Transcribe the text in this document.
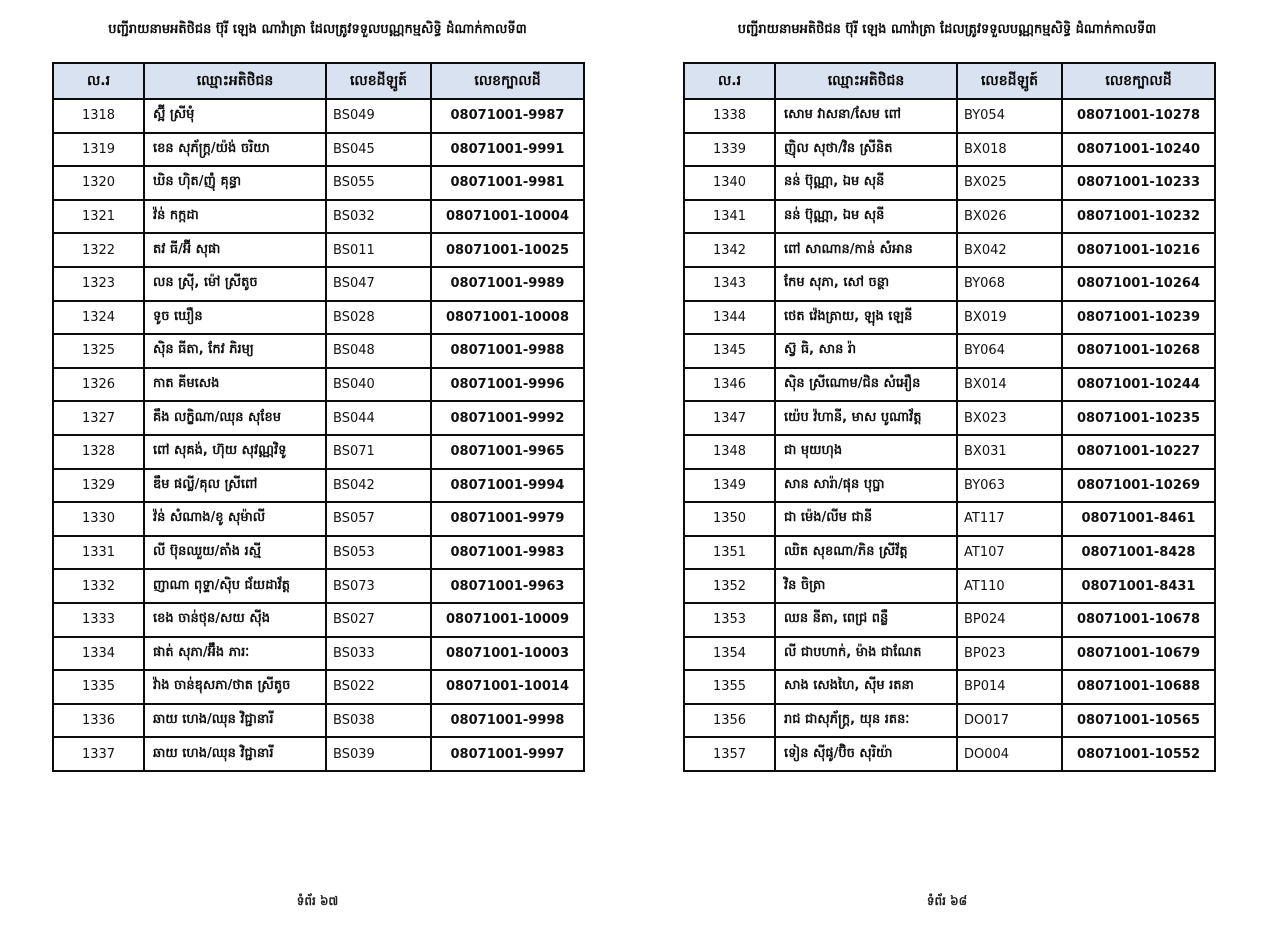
បញ្ជីរាយនាមអតិថិជន ប៊ុរី ឡេង ណាវ៉ាត្រា ដែលត្រូវទទួលបណ្ណកម្មសិទ្ធិ ដំណាក់កាលទី៣
ល.រ	ឈ្មោះអតិថិជន	លេខដីឡូត៍	លេខក្បាលដី
1318	ស្អ៊ី ស្រីមុំ	BS049	08071001-9987
1319	ខេន សុភ័ក្ត្រ/យ៉ង់ ចរិយា	BS045	08071001-9991
1320	ឃិន ហ៊ិត/ញ៉ុំ គុន្ធា	BS055	08071001-9981
1321	វ៉ន់ កក្កដា	BS032	08071001-10004
1322	តវ ធី/អ៊ី សុផា	BS011	08071001-10025
1323	លន ស្រ៊ី, ម៉ៅ ស្រីតូច	BS047	08071001-9989
1324	ទូច ឃឿន	BS028	08071001-10008
1325	ស៊ិន ធីតា, កែវ ភិរម្យ	BS048	08071001-9988
1326	កាត គីមសេង	BS040	08071001-9996
1327	គឹង លក្ខិណា/ឈុន សុខែម	BS044	08071001-9992
1328	ពៅ សុគង់, ហ៊ុយ សុវណ្ណវិទូ	BS071	08071001-9965
1329	ឌឹម ផល្លី/គុល ស្រីពៅ	BS042	08071001-9994
1330	វ៉ន់ សំណាង/ខូ សុម៉ាលី	BS057	08071001-9979
1331	លី ប៊ុនឈួយ/តាំង រស្មី	BS053	08071001-9983
1332	ញាណា ពុទ្ទា/ស៊ិប ជ័យដាវ័ត្ត	BS073	08071001-9963
1333	ខេង ចាន់ថុន/សយ ស៊ីង	BS027	08071001-10009
1334	ផាត់ សុភា/អ៊ឹង ភារៈ	BS033	08071001-10003
1335	វ៉ាង ចាន់ឌុសភា/ថាត ស្រីតូច	BS022	08071001-10014
1336	ឆាយ ហេង/ឈុន វិជ្ជានារី	BS038	08071001-9998
1337	ឆាយ ហេង/ឈុន វិជ្ជានារី	BS039	08071001-9997
ទំព័រ ៦៧
បញ្ជីរាយនាមអតិថិជន ប៊ុរី ឡេង ណាវ៉ាត្រា ដែលត្រូវទទួលបណ្ណកម្មសិទ្ធិ ដំណាក់កាលទី៣
ល.រ	ឈ្មោះអតិថិជន	លេខដីឡូត៍	លេខក្បាលដី
1338	សោម វាសនា/សែម ពៅ	BY054	08071001-10278
1339	ញ៉ិល សុថា/វិន ស្រីនិត	BX018	08071001-10240
1340	នន់ ប៊ុណ្ណា, ឯម សុនី	BX025	08071001-10233
1341	នន់ ប៊ុណ្ណា, ឯម សុនី	BX026	08071001-10232
1342	ពៅ សាណាន/កាន់ សំអាន	BX042	08071001-10216
1343	កែម សុភា, សៅ ចន្ថា	BY068	08071001-10264
1344	ថេត វ៉េងត្រាយ, ឡុង ឡេនី	BX019	08071001-10239
1345	ស៊្វ ធិ, សាន រ៉ា	BY064	08071001-10268
1346	ស៊ិន ស្រីណោម/ជិន សំអឿន	BX014	08071001-10244
1347	យ៉េប វ៉ហានី, មាស បូណាវ័ត្ត	BX023	08071001-10235
1348	ជា មុយហុង	BX031	08071001-10227
1349	សាន សារ៉ា/ផុន បុប្ផា	BY063	08071001-10269
1350	ជា ម៉េង/លីម ជានី	AT117	08071001-8461
1351	ឈិត សុខណា/ភិន ស្រីវ័ត្ត	AT107	08071001-8428
1352	វិន ចិត្រា	AT110	08071001-8431
1353	ឈន នីតា, ពេជ្រ ពន្លឺ	BP024	08071001-10678
1354	លី ជាបហាក់, ម៉ាង ជាណែត	BP023	08071001-10679
1355	សាង សេងហៃ, ស៊ីម រតនា	BP014	08071001-10688
1356	រាជ ជាសុភ័ក្ត្រ, យុន រតនៈ	DO017	08071001-10565
1357	ទៀន ស៊ីផូ/ប៊ិច សុរិយ៉ា	DO004	08071001-10552
ទំព័រ ៦៨
